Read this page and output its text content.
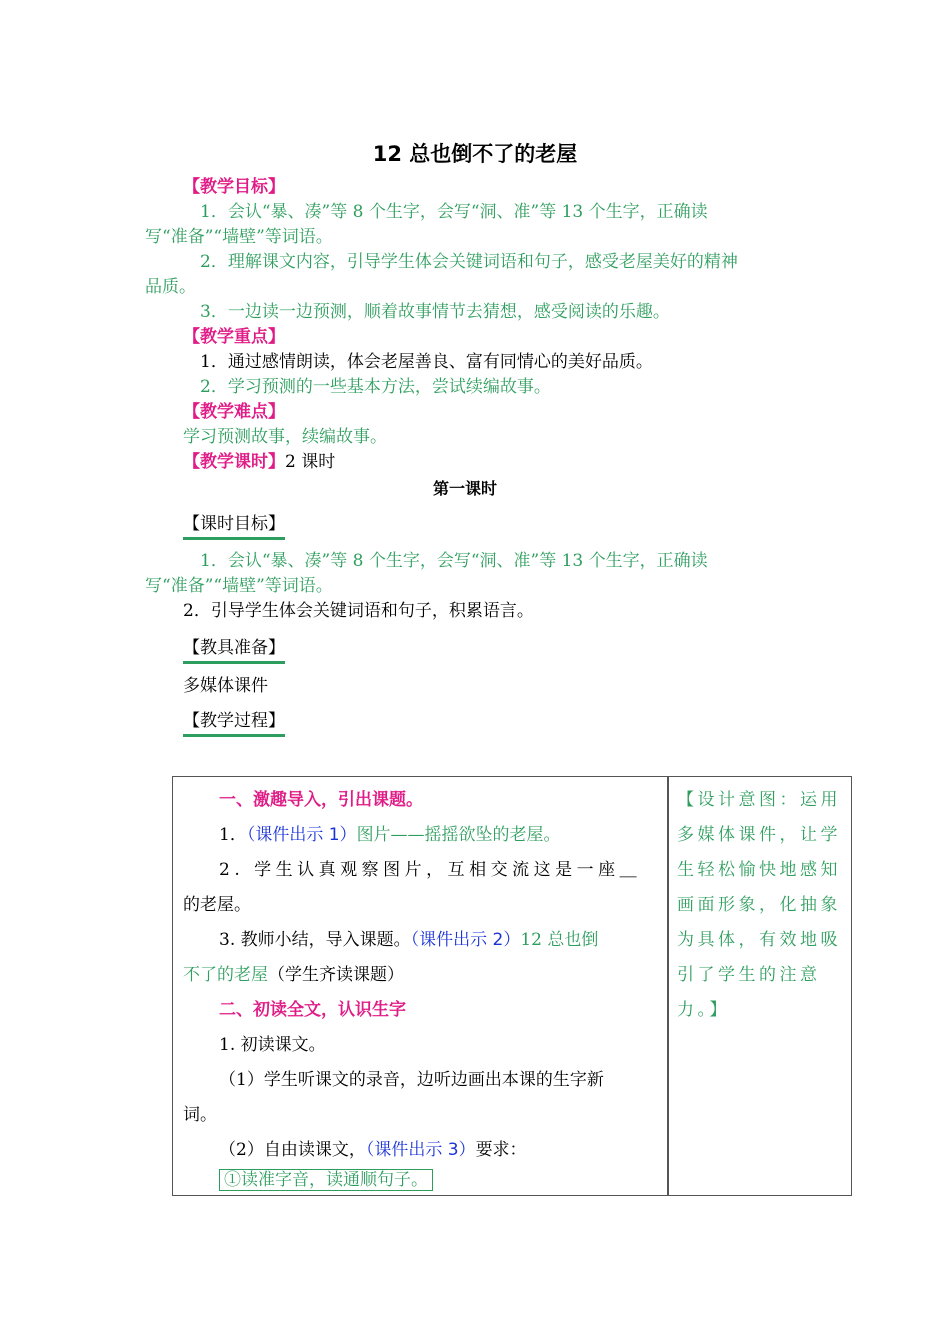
12 总也倒不了的老屋
【教学目标】
1．会认“暴、凑”等 8 个生字，会写“洞、准”等 13 个生字，正确读
写“准备”“墙壁”等词语。
2．理解课文内容，引导学生体会关键词语和句子，感受老屋美好的精神
品质。
3．一边读一边预测，顺着故事情节去猜想，感受阅读的乐趣。
【教学重点】
1．通过感情朗读，体会老屋善良、富有同情心的美好品质。
2．学习预测的一些基本方法，尝试续编故事。
【教学难点】
学习预测故事，续编故事。
【教学课时】2 课时
第一课时
【课时目标】
1．会认“暴、凑”等 8 个生字，会写“洞、准”等 13 个生字，正确读
写“准备”“墙壁”等词语。
2．引导学生体会关键词语和句子，积累语言。
【教具准备】
多媒体课件
【教学过程】
一、激趣导入，引出课题。
1．（课件出示 1）图片——摇摇欲坠的老屋。
2. 学生认真观察图片，互相交流这是一座＿
的老屋。
3. 教师小结，导入课题。（课件出示 2）12 总也倒
不了的老屋（学生齐读课题）
二、初读全文，认识生字
1. 初读课文。
（1）学生听课文的录音，边听边画出本课的生字新
词。
（2）自由读课文，（课件出示 3）要求：
①读准字音，读通顺句子。
【设计意图：运用
多媒体课件，让学
生轻松愉快地感知
画面形象，化抽象
为具体，有效地吸
引了学生的注意
力。】
